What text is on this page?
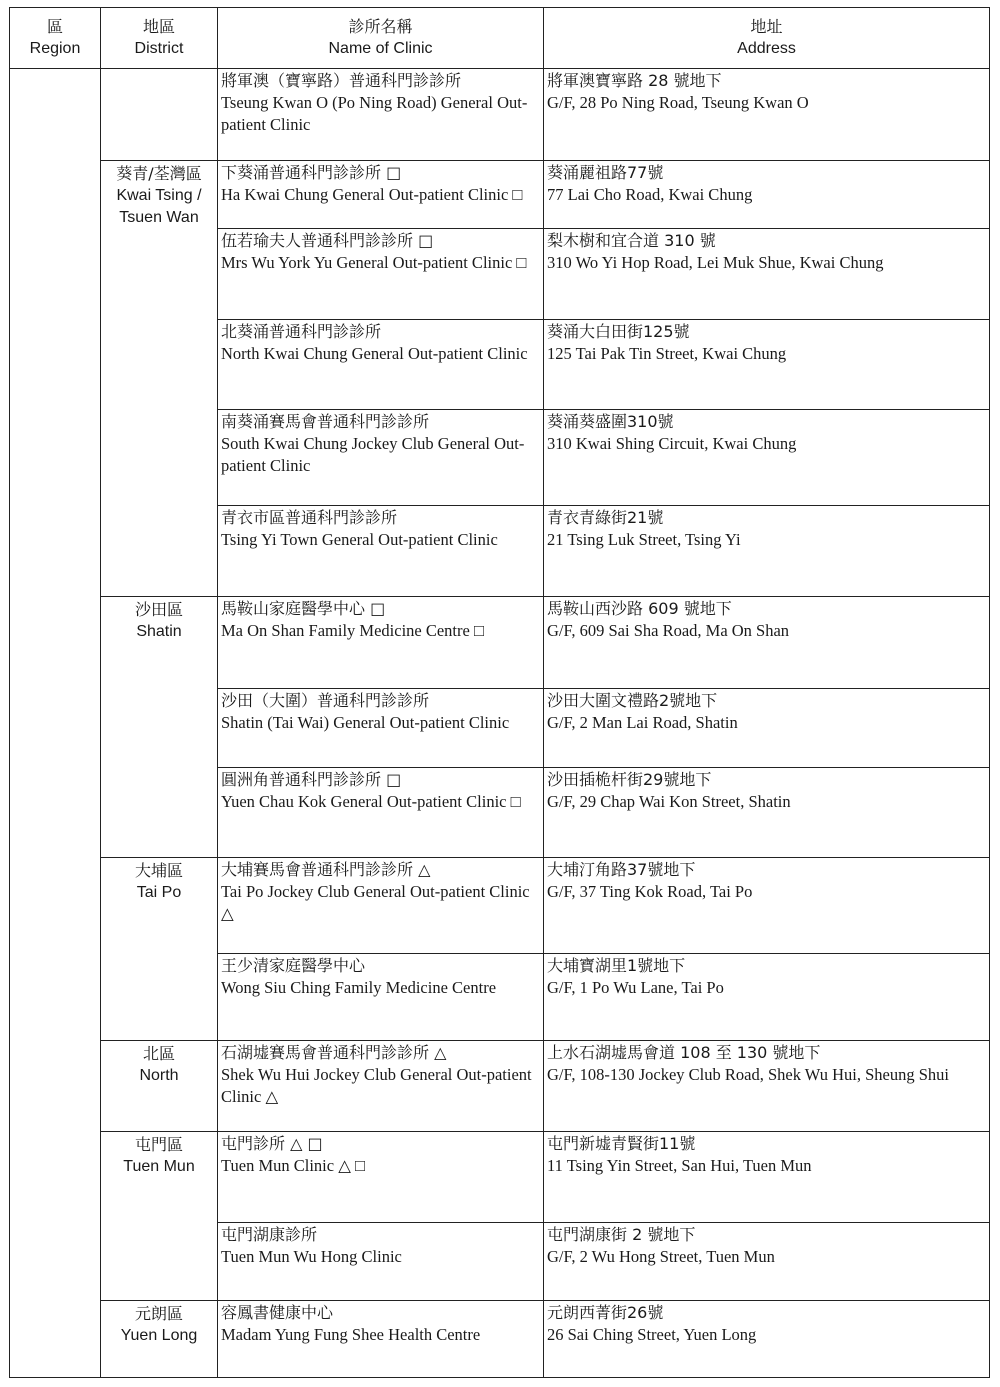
區
Region	地區
District	診所名稱
Name of Clinic	地址
Address

		將軍澳（寶寧路）普通科門診診所
Tseung Kwan O (Po Ning Road) General Out- patient Clinic	將軍澳寶寧路 28 號地下
G/F, 28 Po Ning Road, Tseung Kwan O

	葵青/荃灣區
Kwai Tsing / Tsuen Wan	下葵涌普通科門診診所 □
Ha Kwai Chung General Out-patient Clinic □	葵涌麗祖路77號
77 Lai Cho Road, Kwai Chung

		伍若瑜夫人普通科門診診所 □
Mrs Wu York Yu General Out-patient Clinic □	梨木樹和宜合道 310 號
310 Wo Yi Hop Road, Lei Muk Shue, Kwai Chung

		北葵涌普通科門診診所
North Kwai Chung General Out-patient Clinic	葵涌大白田街125號
125 Tai Pak Tin Street, Kwai Chung

		南葵涌賽馬會普通科門診診所
South Kwai Chung Jockey Club General Out-patient Clinic	葵涌葵盛圍310號
310 Kwai Shing Circuit, Kwai Chung

		青衣市區普通科門診診所
Tsing Yi Town General Out-patient Clinic	青衣青綠街21號
21 Tsing Luk Street, Tsing Yi

	沙田區
Shatin	馬鞍山家庭醫學中心 □
Ma On Shan Family Medicine Centre □	馬鞍山西沙路 609 號地下
G/F, 609 Sai Sha Road, Ma On Shan

		沙田（大圍）普通科門診診所
Shatin (Tai Wai) General Out-patient Clinic	沙田大圍文禮路2號地下
G/F, 2 Man Lai Road, Shatin

		圓洲角普通科門診診所 □
Yuen Chau Kok General Out-patient Clinic □	沙田插桅杆街29號地下
G/F, 29 Chap Wai Kon Street, Shatin

	大埔區
Tai Po	大埔賽馬會普通科門診診所 △
Tai Po Jockey Club General Out-patient Clinic △	大埔汀角路37號地下
G/F, 37 Ting Kok Road, Tai Po

		王少清家庭醫學中心
Wong Siu Ching Family Medicine Centre	大埔寶湖里1號地下
G/F, 1 Po Wu Lane, Tai Po

	北區
North	石湖墟賽馬會普通科門診診所 △
Shek Wu Hui Jockey Club General Out-patient Clinic △	上水石湖墟馬會道 108 至 130 號地下
G/F, 108-130 Jockey Club Road, Shek Wu Hui, Sheung Shui

	屯門區
Tuen Mun	屯門診所 △ □
Tuen Mun Clinic △ □	屯門新墟青賢街11號
11 Tsing Yin Street, San Hui, Tuen Mun

		屯門湖康診所
Tuen Mun Wu Hong Clinic	屯門湖康街 2 號地下
G/F, 2 Wu Hong Street, Tuen Mun

	元朗區
Yuen Long	容鳳書健康中心
Madam Yung Fung Shee Health Centre	元朗西菁街26號
26 Sai Ching Street, Yuen Long
